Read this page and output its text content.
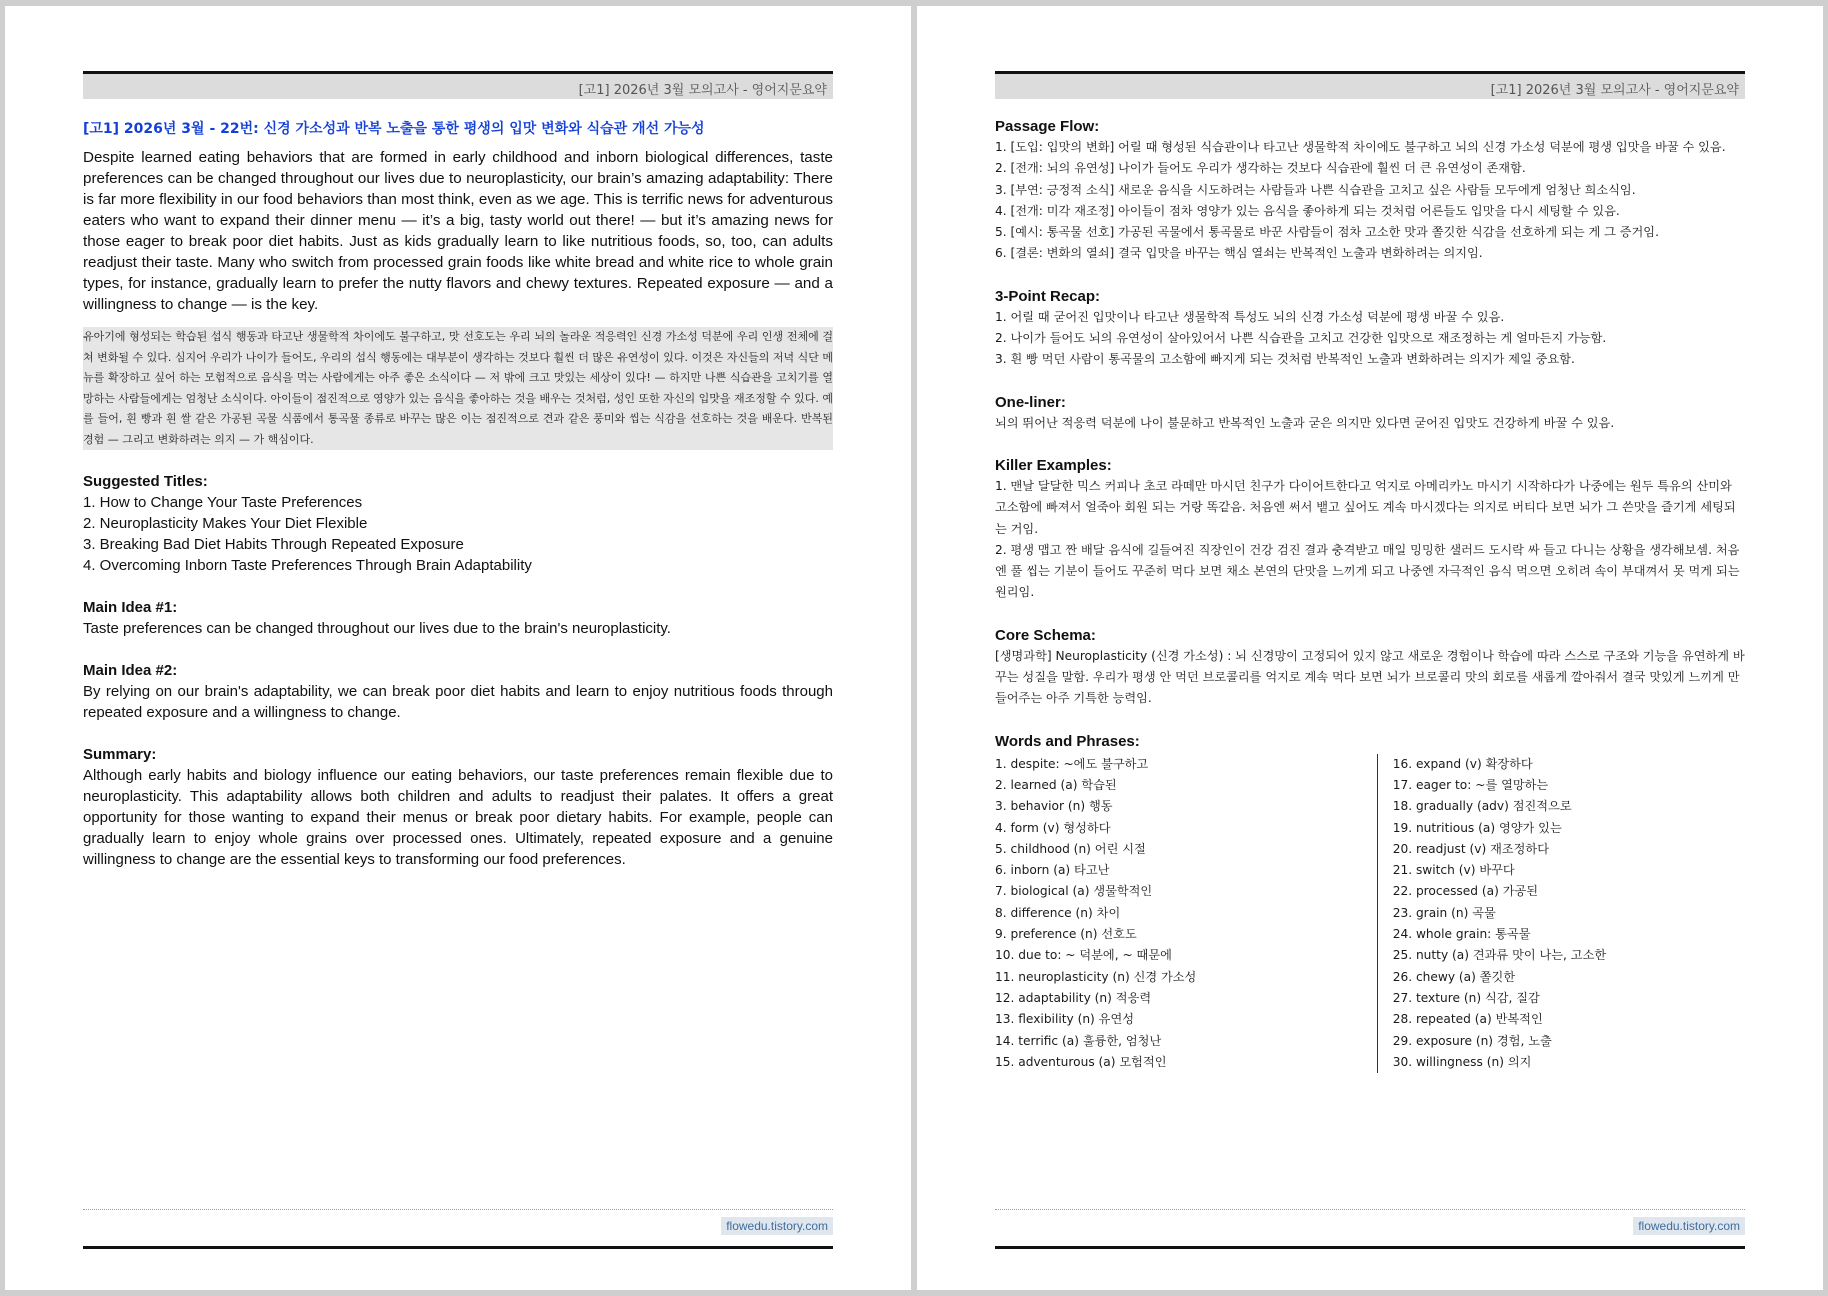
[고1] 2026년 3월 모의고사 - 영어지문요약
[고1] 2026년 3월 - 22번: 신경 가소성과 반복 노출을 통한 평생의 입맛 변화와 식습관 개선 가능성
Despite learned eating behaviors that are formed in early childhood and inborn biological differences, taste preferences can be changed throughout our lives due to neuroplasticity, our brain’s amazing adaptability: There is far more flexibility in our food behaviors than most think, even as we age. This is terrific news for adventurous eaters who want to expand their dinner menu — it’s a big, tasty world out there! — but it’s amazing news for those eager to break poor diet habits. Just as kids gradually learn to like nutritious foods, so, too, can adults readjust their taste. Many who switch from processed grain foods like white bread and white rice to whole grain types, for instance, gradually learn to prefer the nutty flavors and chewy textures. Repeated exposure — and a willingness to change — is the key.
유아기에 형성되는 학습된 섭식 행동과 타고난 생물학적 차이에도 불구하고, 맛 선호도는 우리 뇌의 놀라운 적응력인 신경 가소성 덕분에 우리 인생 전체에 걸쳐 변화될 수 있다. 심지어 우리가 나이가 들어도, 우리의 섭식 행동에는 대부분이 생각하는 것보다 훨씬 더 많은 유연성이 있다. 이것은 자신들의 저녁 식단 메뉴를 확장하고 싶어 하는 모험적으로 음식을 먹는 사람에게는 아주 좋은 소식이다 — 저 밖에 크고 맛있는 세상이 있다! — 하지만 나쁜 식습관을 고치기를 열망하는 사람들에게는 엄청난 소식이다. 아이들이 점진적으로 영양가 있는 음식을 좋아하는 것을 배우는 것처럼, 성인 또한 자신의 입맛을 재조정할 수 있다. 예를 들어, 흰 빵과 흰 쌀 같은 가공된 곡물 식품에서 통곡물 종류로 바꾸는 많은 이는 점진적으로 견과 같은 풍미와 씹는 식감을 선호하는 것을 배운다. 반복된 경험 — 그리고 변화하려는 의지 — 가 핵심이다.
Suggested Titles:
1. How to Change Your Taste Preferences
2. Neuroplasticity Makes Your Diet Flexible
3. Breaking Bad Diet Habits Through Repeated Exposure
4. Overcoming Inborn Taste Preferences Through Brain Adaptability
Main Idea #1:
Taste preferences can be changed throughout our lives due to the brain's neuroplasticity.
Main Idea #2:
By relying on our brain's adaptability, we can break poor diet habits and learn to enjoy nutritious foods through repeated exposure and a willingness to change.
Summary:
Although early habits and biology influence our eating behaviors, our taste preferences remain flexible due to neuroplasticity. This adaptability allows both children and adults to readjust their palates. It offers a great opportunity for those wanting to expand their menus or break poor dietary habits. For example, people can gradually learn to enjoy whole grains over processed ones. Ultimately, repeated exposure and a genuine willingness to change are the essential keys to transforming our food preferences.
flowedu.tistory.com
[고1] 2026년 3월 모의고사 - 영어지문요약
Passage Flow:
1. [도입: 입맛의 변화] 어릴 때 형성된 식습관이나 타고난 생물학적 차이에도 불구하고 뇌의 신경 가소성 덕분에 평생 입맛을 바꿀 수 있음.
2. [전개: 뇌의 유연성] 나이가 들어도 우리가 생각하는 것보다 식습관에 훨씬 더 큰 유연성이 존재함.
3. [부연: 긍정적 소식] 새로운 음식을 시도하려는 사람들과 나쁜 식습관을 고치고 싶은 사람들 모두에게 엄청난 희소식임.
4. [전개: 미각 재조정] 아이들이 점차 영양가 있는 음식을 좋아하게 되는 것처럼 어른들도 입맛을 다시 세팅할 수 있음.
5. [예시: 통곡물 선호] 가공된 곡물에서 통곡물로 바꾼 사람들이 점차 고소한 맛과 쫄깃한 식감을 선호하게 되는 게 그 증거임.
6. [결론: 변화의 열쇠] 결국 입맛을 바꾸는 핵심 열쇠는 반복적인 노출과 변화하려는 의지임.
3-Point Recap:
1. 어릴 때 굳어진 입맛이나 타고난 생물학적 특성도 뇌의 신경 가소성 덕분에 평생 바꿀 수 있음.
2. 나이가 들어도 뇌의 유연성이 살아있어서 나쁜 식습관을 고치고 건강한 입맛으로 재조정하는 게 얼마든지 가능함.
3. 흰 빵 먹던 사람이 통곡물의 고소함에 빠지게 되는 것처럼 반복적인 노출과 변화하려는 의지가 제일 중요함.
One-liner:
뇌의 뛰어난 적응력 덕분에 나이 불문하고 반복적인 노출과 굳은 의지만 있다면 굳어진 입맛도 건강하게 바꿀 수 있음.
Killer Examples:
1. 맨날 달달한 믹스 커피나 초코 라떼만 마시던 친구가 다이어트한다고 억지로 아메리카노 마시기 시작하다가 나중에는 원두 특유의 산미와 고소함에 빠져서 얼죽아 회원 되는 거랑 똑같음. 처음엔 써서 뱉고 싶어도 계속 마시겠다는 의지로 버티다 보면 뇌가 그 쓴맛을 즐기게 세팅되는 거임.
2. 평생 맵고 짠 배달 음식에 길들여진 직장인이 건강 검진 결과 충격받고 매일 밍밍한 샐러드 도시락 싸 들고 다니는 상황을 생각해보셈. 처음엔 풀 씹는 기분이 들어도 꾸준히 먹다 보면 채소 본연의 단맛을 느끼게 되고 나중엔 자극적인 음식 먹으면 오히려 속이 부대껴서 못 먹게 되는 원리임.
Core Schema:
[생명과학] Neuroplasticity (신경 가소성) : 뇌 신경망이 고정되어 있지 않고 새로운 경험이나 학습에 따라 스스로 구조와 기능을 유연하게 바꾸는 성질을 말함. 우리가 평생 안 먹던 브로콜리를 억지로 계속 먹다 보면 뇌가 브로콜리 맛의 회로를 새롭게 깔아줘서 결국 맛있게 느끼게 만들어주는 아주 기특한 능력임.
Words and Phrases:
1. despite: ~에도 불구하고
2. learned (a) 학습된
3. behavior (n) 행동
4. form (v) 형성하다
5. childhood (n) 어린 시절
6. inborn (a) 타고난
7. biological (a) 생물학적인
8. difference (n) 차이
9. preference (n) 선호도
10. due to: ~ 덕분에, ~ 때문에
11. neuroplasticity (n) 신경 가소성
12. adaptability (n) 적응력
13. flexibility (n) 유연성
14. terrific (a) 훌륭한, 엄청난
15. adventurous (a) 모험적인
16. expand (v) 확장하다
17. eager to: ~를 열망하는
18. gradually (adv) 점진적으로
19. nutritious (a) 영양가 있는
20. readjust (v) 재조정하다
21. switch (v) 바꾸다
22. processed (a) 가공된
23. grain (n) 곡물
24. whole grain: 통곡물
25. nutty (a) 견과류 맛이 나는, 고소한
26. chewy (a) 쫄깃한
27. texture (n) 식감, 질감
28. repeated (a) 반복적인
29. exposure (n) 경험, 노출
30. willingness (n) 의지
flowedu.tistory.com
